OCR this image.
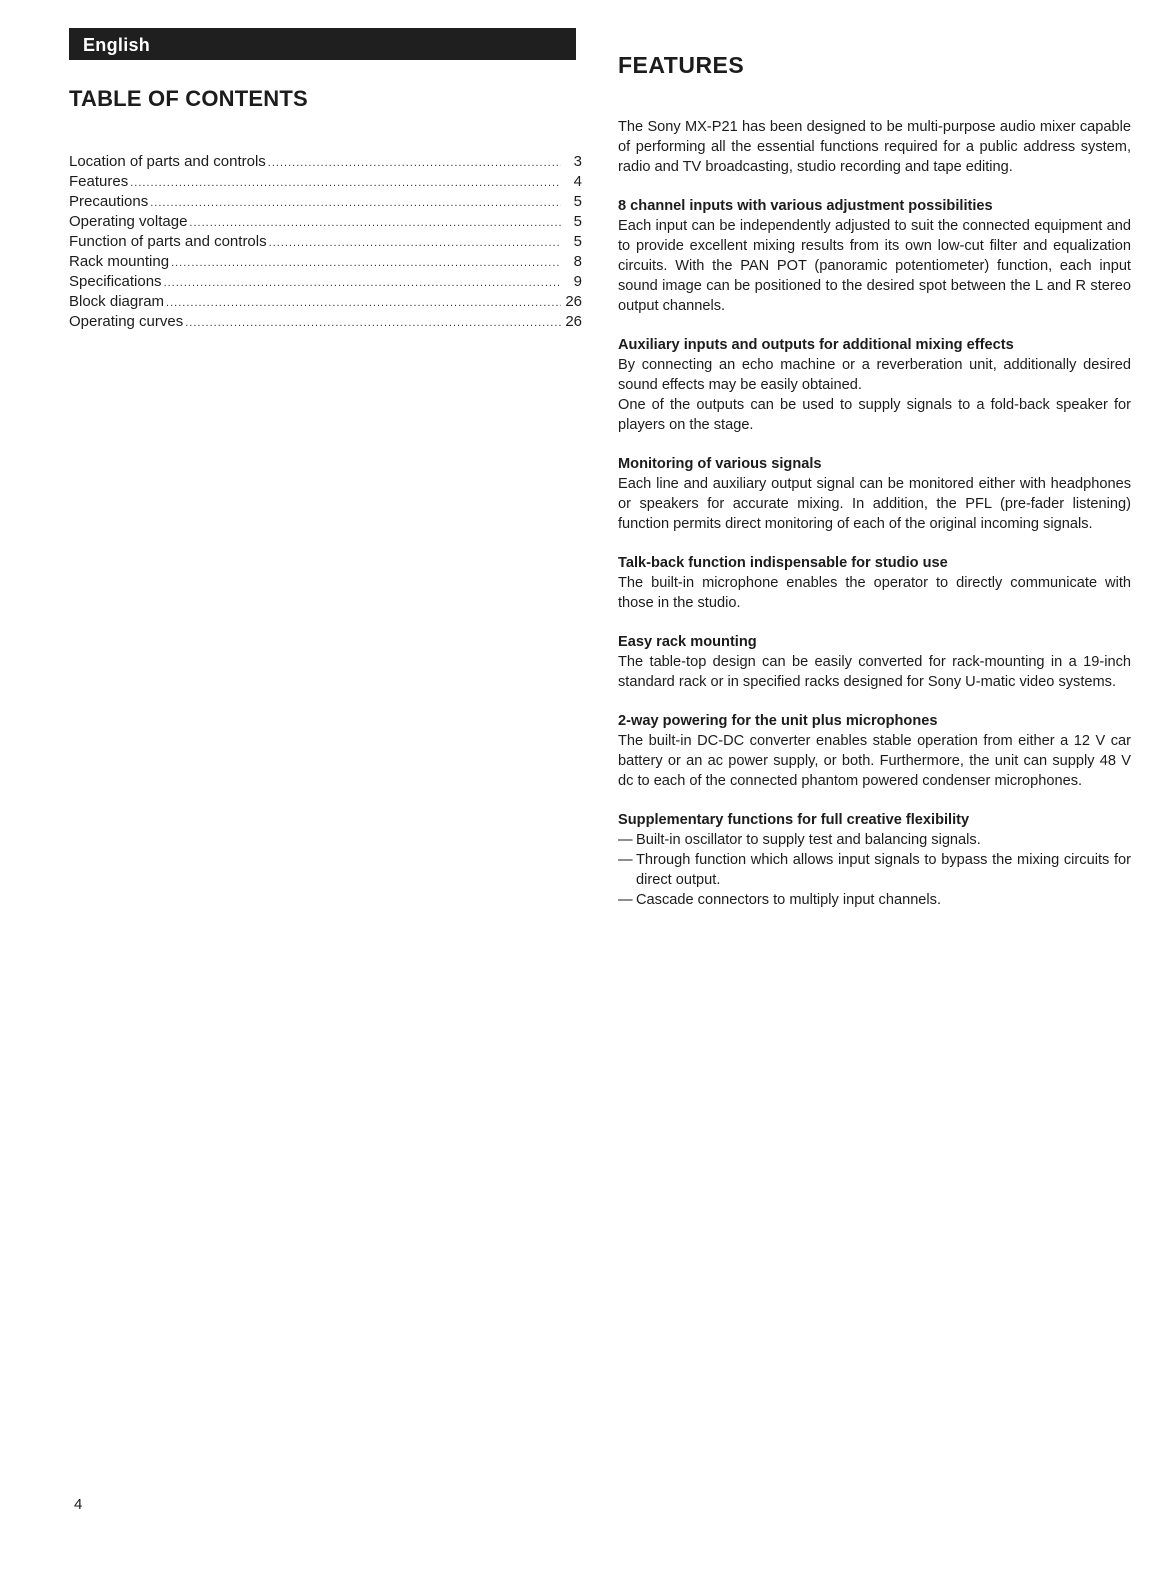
English
TABLE OF CONTENTS
Location of parts and controls .....	3
Features .....	4
Precautions .....	5
Operating voltage .....	5
Function of parts and controls .....	5
Rack mounting .....	8
Specifications .....	9
Block diagram .....	26
Operating curves .....	26
FEATURES

The Sony MX-P21 has been designed to be multi-purpose audio mixer capable of performing all the essential functions required for a public address system, radio and TV broadcasting, studio recording and tape editing.

8 channel inputs with various adjustment possibilities

Each input can be independently adjusted to suit the connected equipment and to provide excellent mixing results from its own low-cut filter and equalization circuits. With the PAN POT (panoramic potentiometer) function, each input sound image can be positioned to the desired spot between the L and R stereo output channels.

Auxiliary inputs and outputs for additional mixing effects

By connecting an echo machine or a reverberation unit, additionally desired sound effects may be easily obtained.

One of the outputs can be used to supply signals to a fold-back speaker for players on the stage.

Monitoring of various signals

Each line and auxiliary output signal can be monitored either with headphones or speakers for accurate mixing. In addition, the PFL (pre-fader listening) function permits direct monitoring of each of the original incoming signals.

Talk-back function indispensable for studio use

The built-in microphone enables the operator to directly communicate with those in the studio.

Easy rack mounting

The table-top design can be easily converted for rack-mounting in a 19-inch standard rack or in specified racks designed for Sony U-matic video systems.

2-way powering for the unit plus microphones

The built-in DC-DC converter enables stable operation from either a 12 V car battery or an ac power supply, or both. Furthermore, the unit can supply 48 V dc to each of the connected phantom powered condenser microphones.

Supplementary functions for full creative flexibility
— Built-in oscillator to supply test and balancing signals.
— Through function which allows input signals to bypass the mixing circuits for direct output.
— Cascade connectors to multiply input channels.
4
